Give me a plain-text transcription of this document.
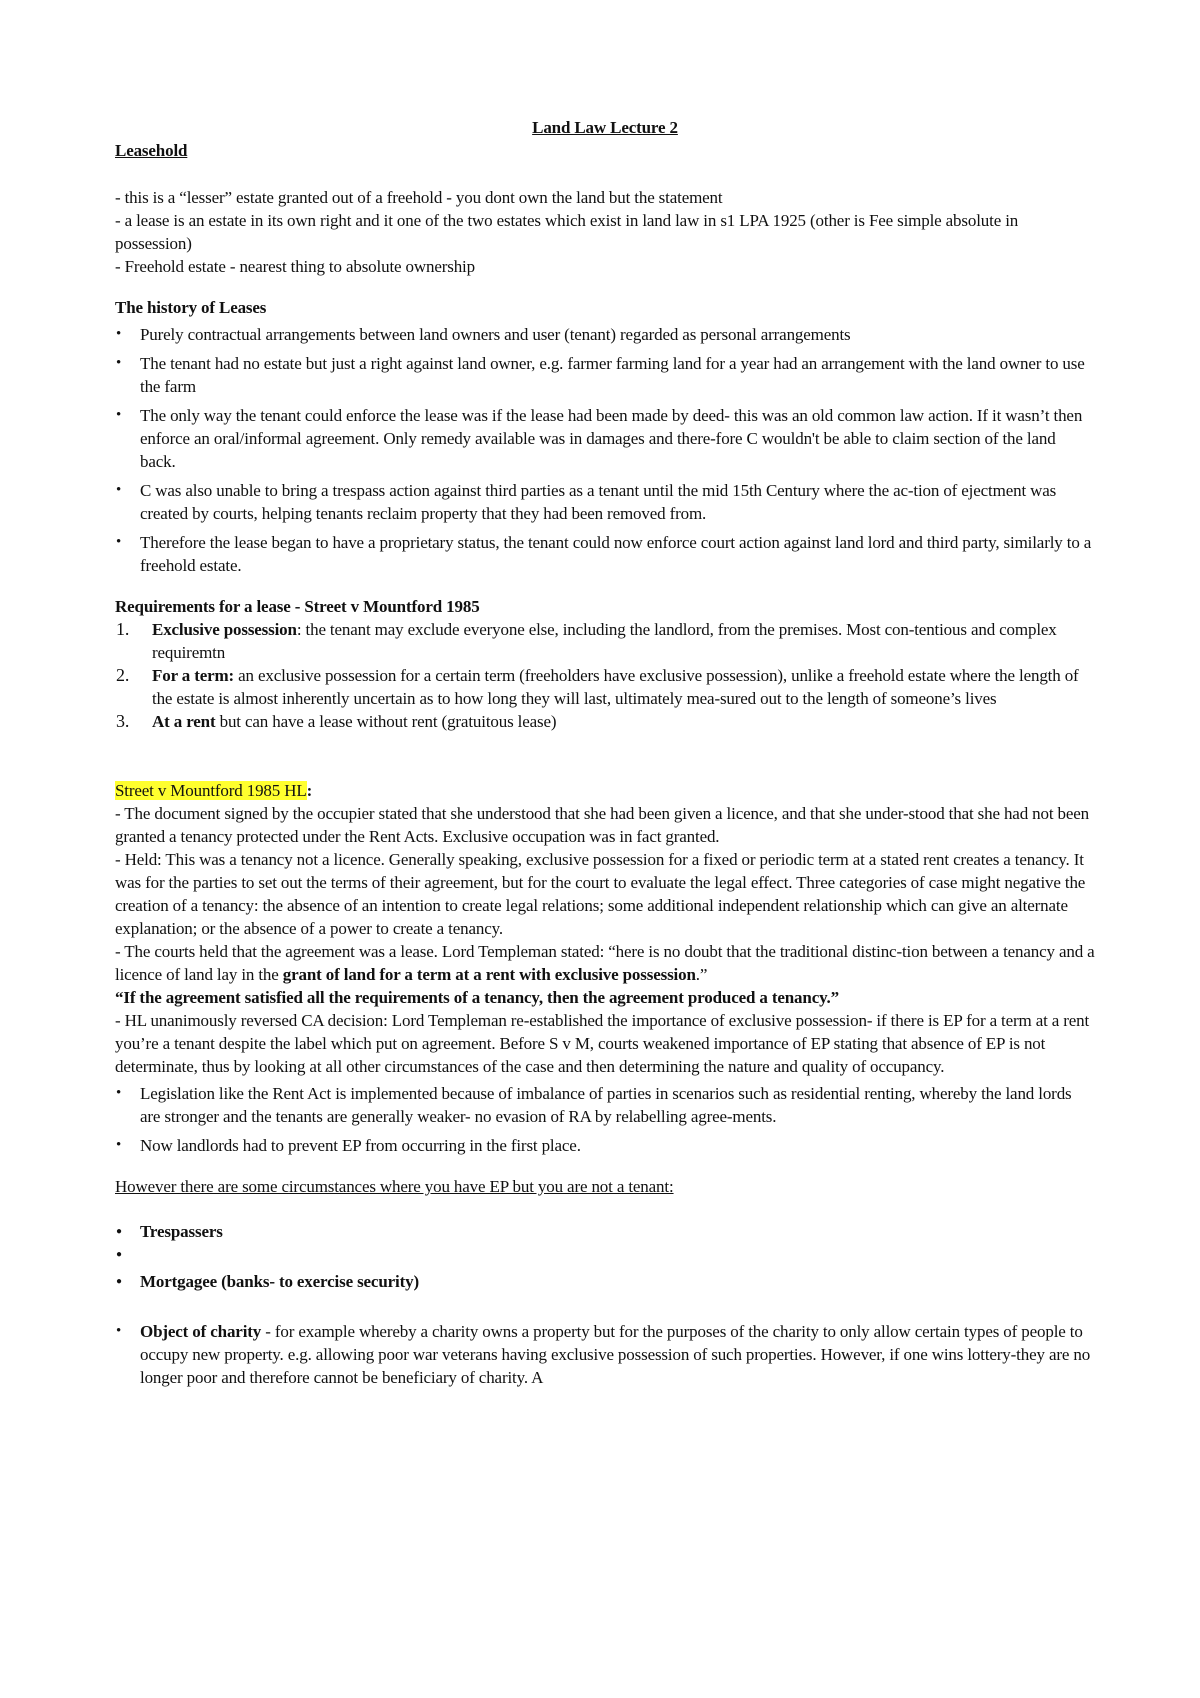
Land Law Lecture 2

Leasehold

- this is a “lesser” estate granted out of a freehold - you dont own the land but the statement

- a lease is an estate in its own right and it one of the two estates which exist in land law in s1 LPA 1925 (other is Fee simple absolute in possession)

- Freehold estate - nearest thing to absolute ownership

The history of Leases

• Purely contractual arrangements between land owners and user (tenant) regarded as personal arrangements
• The tenant had no estate but just a right against land owner, e.g. farmer farming land for a year had an arrangement with the land owner to use the farm
• The only way the tenant could enforce the lease was if the lease had been made by deed- this was an old common law action. If it wasn’t then enforce an oral/informal agreement. Only remedy available was in damages and there-fore C wouldn't be able to claim section of the land back.
• C was also unable to bring a trespass action against third parties as a tenant until the mid 15th Century where the ac-tion of ejectment was created by courts, helping tenants reclaim property that they had been removed from.
• Therefore the lease began to have a proprietary status, the tenant could now enforce court action against land lord and third party, similarly to a freehold estate.

Requirements for a lease - Street v Mountford 1985

1. Exclusive possession: the tenant may exclude everyone else, including the landlord, from the premises. Most con-tentious and complex requiremtn
2. For a term: an exclusive possession for a certain term (freeholders have exclusive possession), unlike a freehold estate where the length of the estate is almost inherently uncertain as to how long they will last, ultimately mea-sured out to the length of someone’s lives
3. At a rent but can have a lease without rent (gratuitous lease)

Street v Mountford 1985 HL:

- The document signed by the occupier stated that she understood that she had been given a licence, and that she under-stood that she had not been granted a tenancy protected under the Rent Acts. Exclusive occupation was in fact granted.

- Held: This was a tenancy not a licence. Generally speaking, exclusive possession for a fixed or periodic term at a stated rent creates a tenancy. It was for the parties to set out the terms of their agreement, but for the court to evaluate the legal effect. Three categories of case might negative the creation of a tenancy: the absence of an intention to create legal relations; some additional independent relationship which can give an alternate explanation; or the absence of a power to create a tenancy.

- The courts held that the agreement was a lease. Lord Templeman stated: “here is no doubt that the traditional distinc-tion between a tenancy and a licence of land lay in the grant of land for a term at a rent with exclusive possession.”

“If the agreement satisfied all the requirements of a tenancy, then the agreement produced a tenancy.”

- HL unanimously reversed CA decision: Lord Templeman re-established the importance of exclusive possession- if there is EP for a term at a rent you’re a tenant despite the label which put on agreement. Before S v M, courts weakened importance of EP stating that absence of EP is not determinate, thus by looking at all other circumstances of the case and then determining the nature and quality of occupancy.

• Legislation like the Rent Act is implemented because of imbalance of parties in scenarios such as residential renting, whereby the land lords are stronger and the tenants are generally weaker- no evasion of RA by relabelling agree-ments.
• Now landlords had to prevent EP from occurring in the first place.

However there are some circumstances where you have EP but you are not a tenant:

● Trespassers
●
● Mortgagee (banks- to exercise security)
• Object of charity - for example whereby a charity owns a property but for the purposes of the charity to only allow certain types of people to occupy new property. e.g. allowing poor war veterans having exclusive possession of such properties. However, if one wins lottery-they are no longer poor and therefore cannot be beneficiary of charity. A
